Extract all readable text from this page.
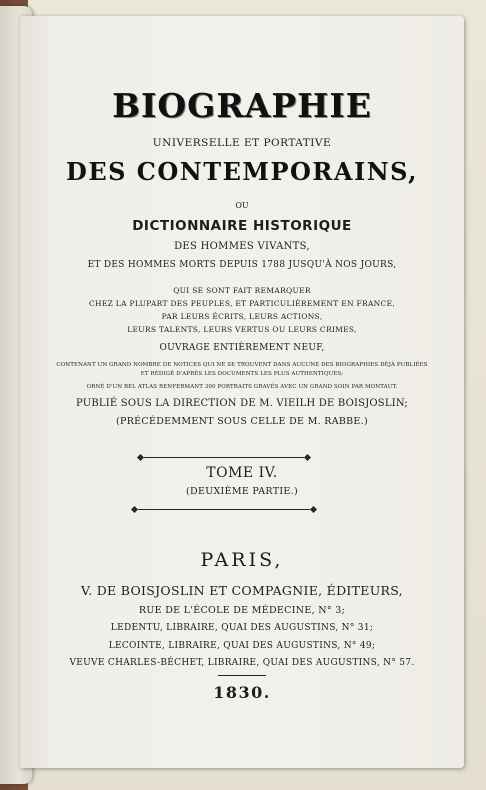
BIOGRAPHIE
UNIVERSELLE ET PORTATIVE
DES CONTEMPORAINS,
OU
DICTIONNAIRE HISTORIQUE
DES HOMMES VIVANTS,
ET DES HOMMES MORTS DEPUIS 1788 JUSQU'À NOS JOURS,
QUI SE SONT FAIT REMARQUER
CHEZ LA PLUPART DES PEUPLES, ET PARTICULIÈREMENT EN FRANCE,
PAR LEURS ÉCRITS, LEURS ACTIONS,
LEURS TALENTS, LEURS VERTUS OU LEURS CRIMES,
OUVRAGE ENTIÈREMENT NEUF,
CONTENANT UN GRAND NOMBRE DE NOTICES QUI NE SE TROUVENT DANS AUCUNE DES BIOGRAPHIES DÉJÀ PUBLIÉES
ET RÉDIGÉ D'APRÈS LES DOCUMENTS LES PLUS AUTHENTIQUES;
ORNÉ D'UN BEL ATLAS RENFERMANT 300 PORTRAITS GRAVÉS AVEC UN GRAND SOIN PAR MONTAUT.
PUBLIÉ SOUS LA DIRECTION DE M. VIEILH DE BOISJOSLIN;
(PRÉCÉDEMMENT SOUS CELLE DE M. RABBE.)
TOME IV.
(DEUXIÈME PARTIE.)
PARIS,
V. DE BOISJOSLIN ET COMPAGNIE, ÉDITEURS,
RUE DE L'ÉCOLE DE MÉDECINE, N° 3;
LEDENTU, LIBRAIRE, QUAI DES AUGUSTINS, N° 31;
LECOINTE, LIBRAIRE, QUAI DES AUGUSTINS, N° 49;
VEUVE CHARLES-BÉCHET, LIBRAIRE, QUAI DES AUGUSTINS, N° 57.
1830.
